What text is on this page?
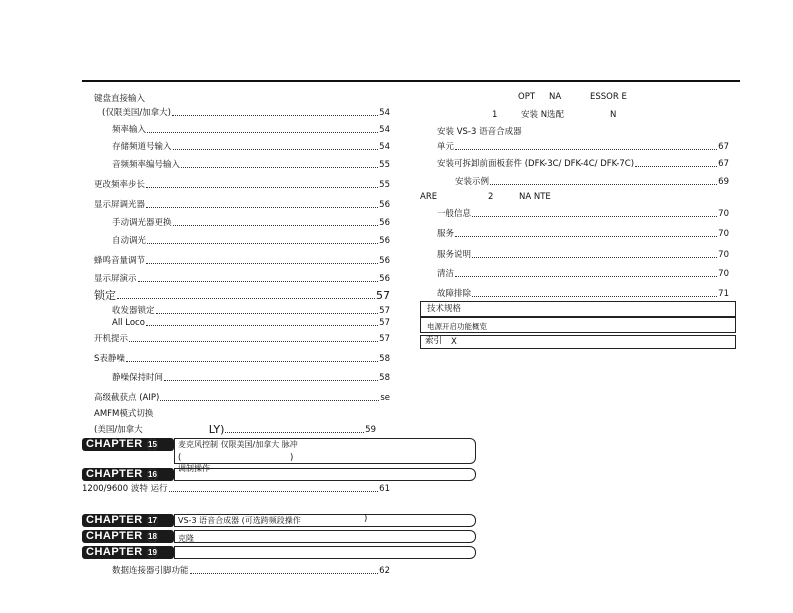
键盘直接输入
(仅限美国/加拿大)	54
频率输入	54
存储频道号输入	54
音频频率编号输入	55
更改频率步长	55
显示屏调光器	56
手动调光器更换	56
自动调光	56
蜂鸣音量调节	56
显示屏演示	56
锁定	57
收发器锁定	57
All Loco	57
开机提示	57
S表静噪	58
静噪保持时间	58
高级截获点 (AIP)	se
AMFM模式切换
(美国/加拿大	LY)	59
CHAPTER 15	麦克风控制 仅限美国/加拿大 脉冲
(	)
CHAPTER 16
调制操作
1200/9600 波特 运行	61
CHAPTER 17	VS-3 语音合成器 (可选跨频段操作	)
CHAPTER 18	克隆
CHAPTER 19
数据连接器引脚功能	62
OPT NA	ESSOR E
1	安装 N选配	N
安装 VS-3 语音合成器
单元	67
安装可拆卸前面板套件 (DFK-3C/ DFK-4C/ DFK-7C)	67
安装示例	69
ARE	2	NA NTE
一般信息	70
服务	70
服务说明	70
清洁	70
故障排除	71
技术规格
电源开启功能概览
索引 X
